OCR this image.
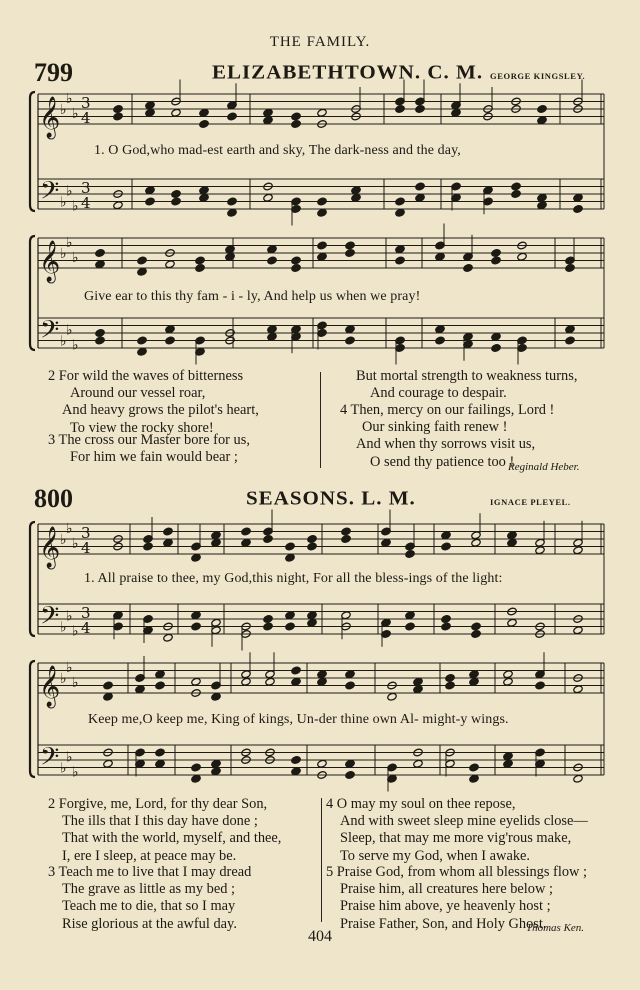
THE FAMILY.
799	ELIZABETHTOWN. C. M. GEORGE KINGSLEY.
𝄞
𝄢
♭
♭
♭
♭
♭
♭
3
4
3
4
𝄞
𝄢
♭
♭
♭
♭
♭
♭
𝄞
𝄢
♭
♭
♭
♭
♭
♭
3
4
3
4
𝄞
𝄢
♭
♭
♭
♭
♭
♭
1. O God,who mad-est earth and sky, The dark-ness and the day,
Give ear to this thy fam - i - ly, And help us when we pray!
2 For wild the waves of bitterness
Around our vessel roar,
And heavy grows the pilot's heart,
To view the rocky shore!
3 The cross our Master bore for us,
For him we fain would bear ;
But mortal strength to weakness turns,
And courage to despair.
4 Then, mercy on our failings, Lord !
Our sinking faith renew !
And when thy sorrows visit us,
O send thy patience too !
Reginald Heber.
800	SEASONS. L. M.	IGNACE PLEYEL.
1. All praise to thee, my God,this night, For all the bless-ings of the light:
Keep me,O keep me, King of kings, Un-der thine own Al- might-y wings.
2 Forgive, me, Lord, for thy dear Son,
The ills that I this day have done ;
That with the world, myself, and thee,
I, ere I sleep, at peace may be.
3 Teach me to live that I may dread
The grave as little as my bed ;
Teach me to die, that so I may
Rise glorious at the awful day.
4 O may my soul on thee repose,
And with sweet sleep mine eyelids close—
Sleep, that may me more vig'rous make,
To serve my God, when I awake.
5 Praise God, from whom all blessings flow ;
Praise him, all creatures here below ;
Praise him above, ye heavenly host ;
Praise Father, Son, and Holy Ghost.
Thomas Ken.
404
